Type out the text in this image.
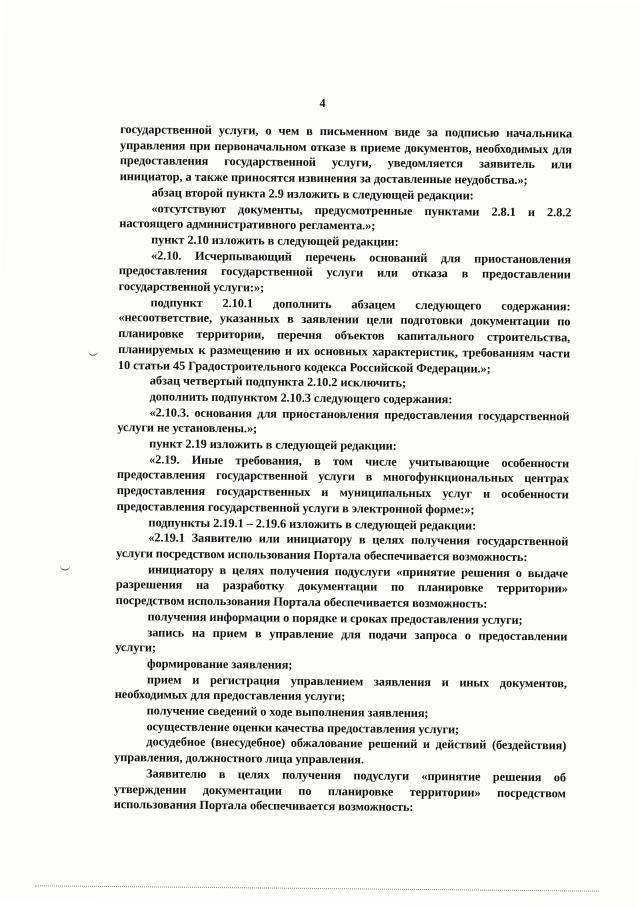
4

государственной услуги, о чем в письменном виде за подписью начальника управления при первоначальном отказе в приеме документов, необходимых для предоставления государственной услуги, уведомляется заявитель или инициатор, а также приносятся извинения за доставленные неудобства.»;

абзац второй пункта 2.9 изложить в следующей редакции:

«отсутствуют документы, предусмотренные пунктами 2.8.1 и 2.8.2 настоящего административного регламента.»;

пункт 2.10 изложить в следующей редакции:

«2.10. Исчерпывающий перечень оснований для приостановления предоставления государственной услуги или отказа в предоставлении государственной услуги:»;

подпункт 2.10.1 дополнить абзацем следующего содержания: «несоответствие, указанных в заявлении цели подготовки документации по планировке территории, перечня объектов капитального строительства, планируемых к размещению и их основных характеристик, требованиям части 10 статьи 45 Градостроительного кодекса Российской Федерации.»;

абзац четвертый подпункта 2.10.2 исключить;

дополнить подпунктом 2.10.3 следующего содержания:

«2.10.3. основания для приостановления предоставления государственной услуги не установлены.»;

пункт 2.19 изложить в следующей редакции:

«2.19. Иные требования, в том числе учитывающие особенности предоставления государственной услуги в многофункциональных центрах предоставления государственных и муниципальных услуг и особенности предоставления государственной услуги в электронной форме:»;

подпункты 2.19.1 – 2.19.6 изложить в следующей редакции:

«2.19.1 Заявителю или инициатору в целях получения государственной услуги посредством использования Портала обеспечивается возможность:

инициатору в целях получения подуслуги «принятие решения о выдаче разрешения на разработку документации по планировке территории» посредством использования Портала обеспечивается возможность:

получения информации о порядке и сроках предоставления услуги;

запись на прием в управление для подачи запроса о предоставлении услуги;

формирование заявления;

прием и регистрация управлением заявления и иных документов, необходимых для предоставления услуги;

получение сведений о ходе выполнения заявления;

осуществление оценки качества предоставления услуги;

досудебное (внесудебное) обжалование решений и действий (бездействия) управления, должностного лица управления.

Заявителю в целях получения подуслуги «принятие решения об утверждении документации по планировке территории» посредством использования Портала обеспечивается возможность:
